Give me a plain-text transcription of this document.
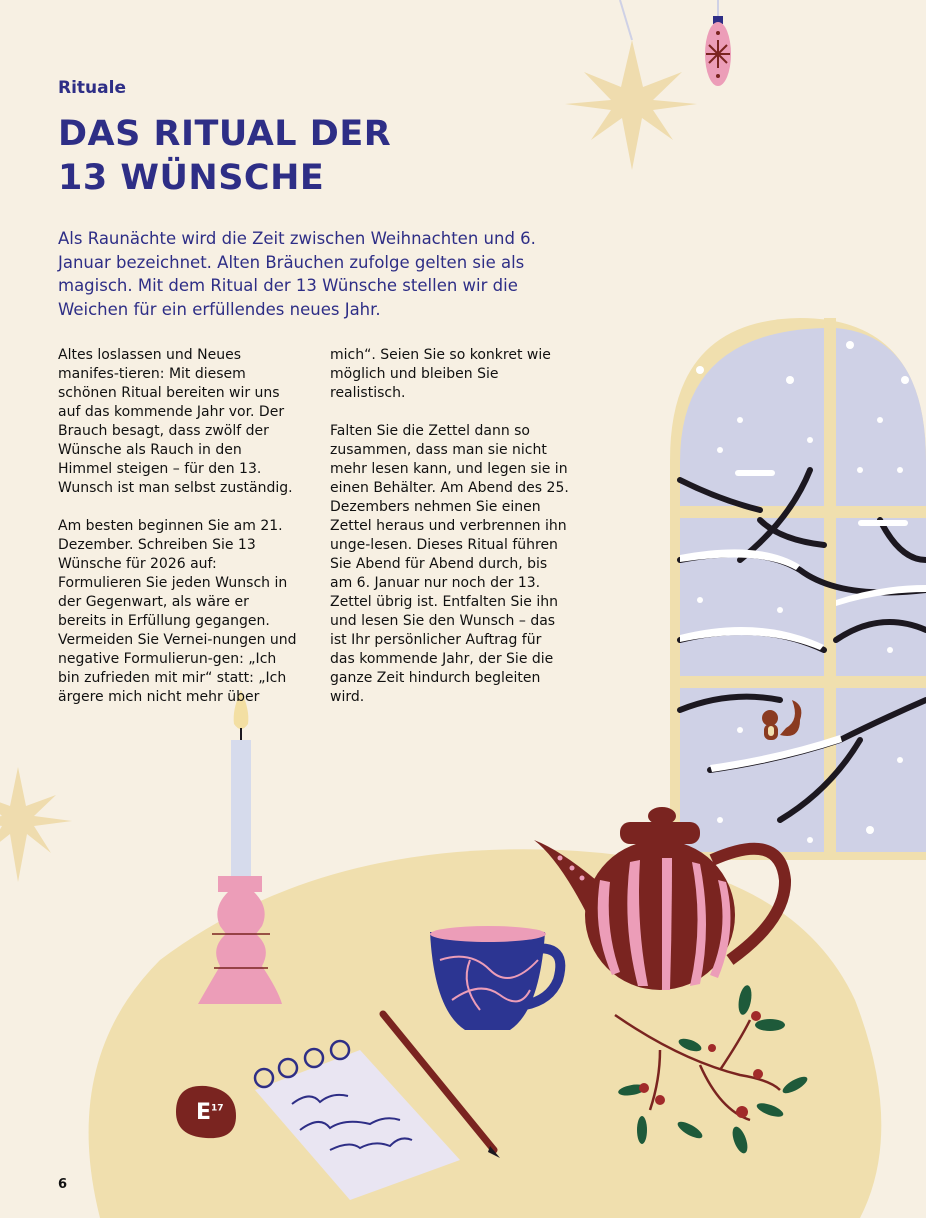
$E^{17}$
Rituale
DAS RITUAL DER
13 WÜNSCHE
Als Raunächte wird die Zeit zwischen Weihnachten und 6. Januar bezeichnet. Alten Bräuchen zufolge gelten sie als magisch. Mit dem Ritual der 13 Wünsche stellen wir die Weichen für ein erfüllendes neues Jahr.

Altes loslassen und Neues manifes-tieren: Mit diesem schönen Ritual bereiten wir uns auf das kommende Jahr vor. Der Brauch besagt, dass zwölf der Wünsche als Rauch in den Himmel steigen – für den 13. Wunsch ist man selbst zuständig.

Am besten beginnen Sie am 21. Dezember. Schreiben Sie 13 Wünsche für 2026 auf: Formulieren Sie jeden Wunsch in der Gegenwart, als wäre er bereits in Erfüllung gegangen. Vermeiden Sie Vernei-nungen und negative Formulierun-gen: „Ich bin zufrieden mit mir“ statt: „Ich ärgere mich nicht mehr über

mich“. Seien Sie so konkret wie möglich und bleiben Sie realistisch.

Falten Sie die Zettel dann so zusammen, dass man sie nicht mehr lesen kann, und legen sie in einen Behälter. Am Abend des 25. Dezembers nehmen Sie einen Zettel heraus und verbrennen ihn unge-lesen. Dieses Ritual führen Sie Abend für Abend durch, bis am 6. Januar nur noch der 13. Zettel übrig ist. Entfalten Sie ihn und lesen Sie den Wunsch – das ist Ihr persönlicher Auftrag für das kommende Jahr, der Sie die ganze Zeit hindurch begleiten wird.

6
